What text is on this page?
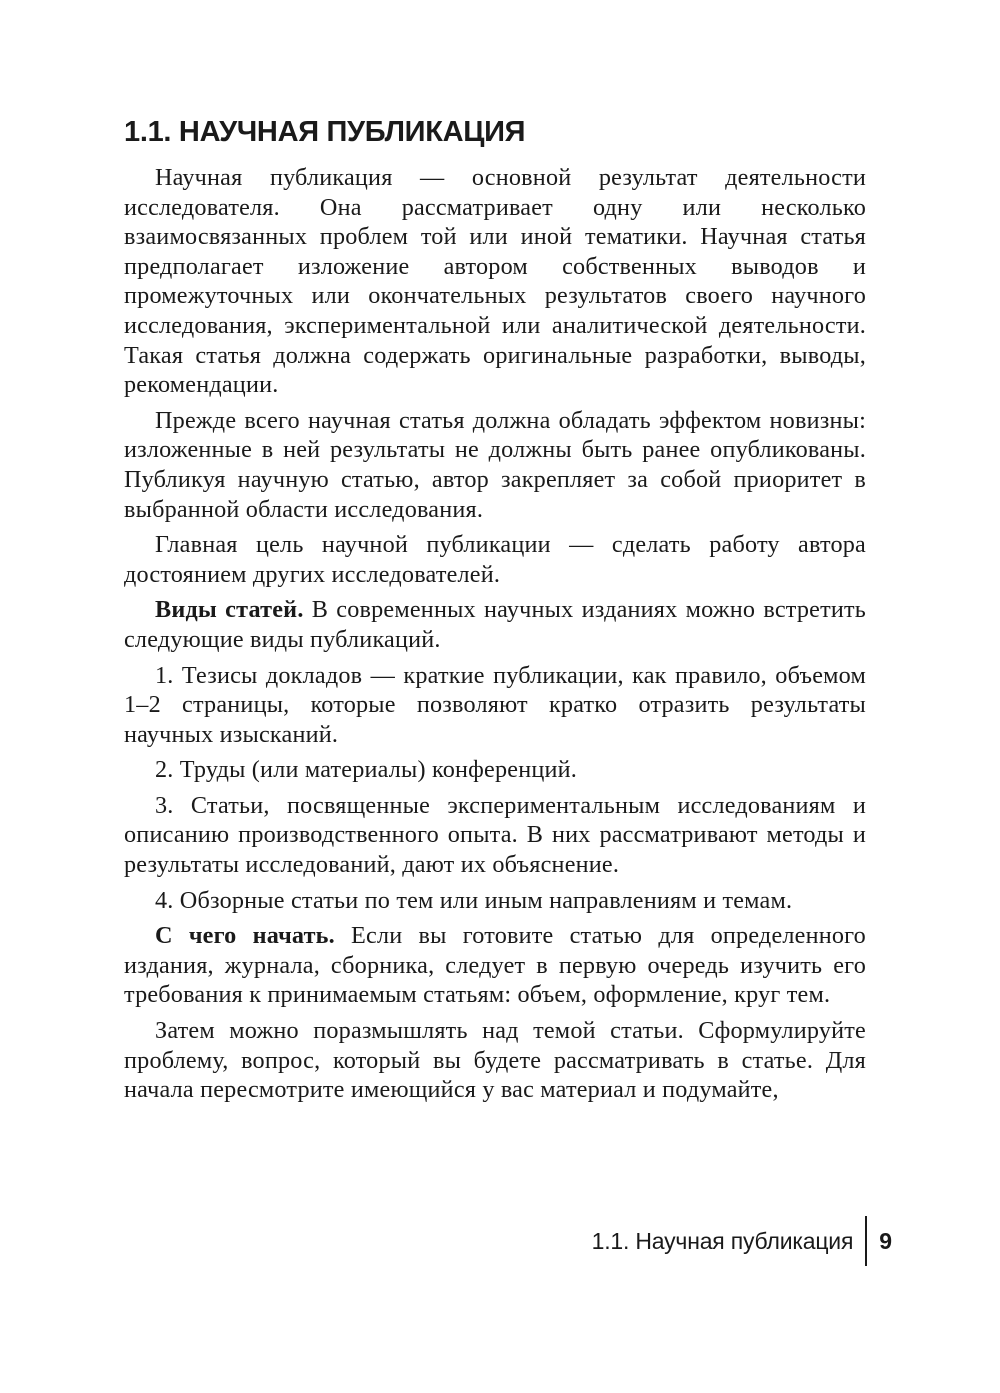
1.1. НАУЧНАЯ ПУБЛИКАЦИЯ

Научная публикация — основной результат деятельности исследователя. Она рассматривает одну или несколько взаимосвязанных проблем той или иной тематики. Научная статья предполагает изложение автором собственных выводов и промежуточных или окончательных результатов своего научного исследования, экспериментальной или аналитической деятельности. Такая статья должна содержать оригинальные разработки, выводы, рекомендации.

Прежде всего научная статья должна обладать эффектом новизны: изложенные в ней результаты не должны быть ранее опубликованы. Публикуя научную статью, автор закрепляет за собой приоритет в выбранной области исследования.

Главная цель научной публикации — сделать работу автора достоянием других исследователей.

Виды статей. В современных научных изданиях можно встретить следующие виды публикаций.

1. Тезисы докладов — краткие публикации, как правило, объемом 1–2 страницы, которые позволяют кратко отразить результаты научных изысканий.

2. Труды (или материалы) конференций.

3. Статьи, посвященные экспериментальным исследованиям и описанию производственного опыта. В них рассматривают методы и результаты исследований, дают их объяснение.

4. Обзорные статьи по тем или иным направлениям и темам.

С чего начать. Если вы готовите статью для определенного издания, журнала, сборника, следует в первую очередь изучить его требования к принимаемым статьям: объем, оформление, круг тем.

Затем можно поразмышлять над темой статьи. Сформулируйте проблему, вопрос, который вы будете рассматривать в статье. Для начала пересмотрите имеющийся у вас материал и подумайте,

1.1. Научная публикация	9
